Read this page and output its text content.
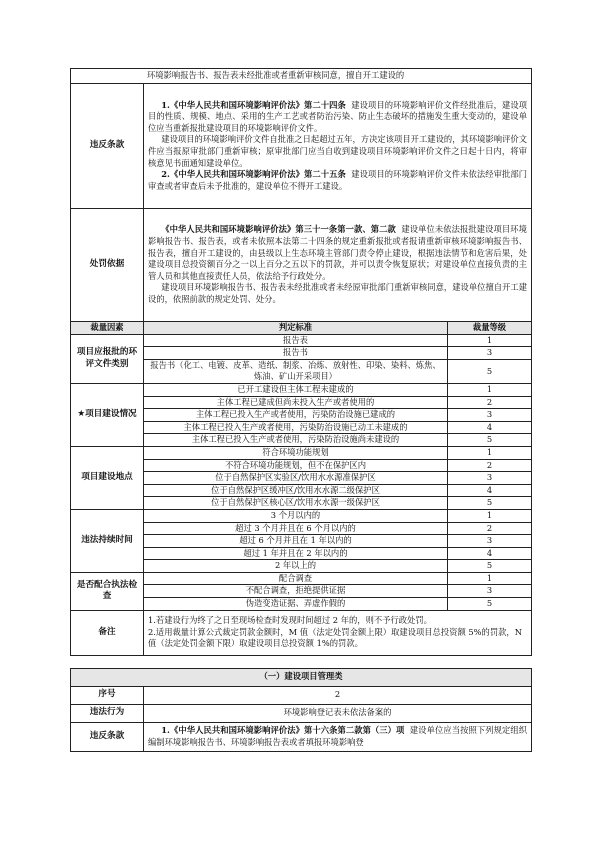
环境影响报告书、报告表未经批准或者重新审核同意，擅自开工建设的		
违反条款	1.《中华人民共和国环境影响评价法》第二十四条 建设项目的环境影响评价文件经批准后，建设项目的性质、规模、地点、采用的生产工艺或者防治污染、防止生态破坏的措施发生重大变动的，建设单位应当重新报批建设项目的环境影响评价文件。

建设项目的环境影响评价文件自批准之日起超过五年，方决定该项目开工建设的，其环境影响评价文件应当报原审批部门重新审核；原审批部门应当自收到建设项目环境影响评价文件之日起十日内，将审核意见书面通知建设单位。

2.《中华人民共和国环境影响评价法》第二十五条 建设项目的环境影响评价文件未依法经审批部门审查或者审查后未予批准的，建设单位不得开工建设。	

处罚依据	《中华人民共和国环境影响评价法》第三十一条第一款、第二款 建设单位未依法报批建设项目环境影响报告书、报告表，或者未依照本法第二十四条的规定重新报批或者报请重新审核环境影响报告书、报告表，擅自开工建设的，由县级以上生态环境主管部门责令停止建设，根据违法情节和危害后果，处建设项目总投资额百分之一以上百分之五以下的罚款，并可以责令恢复原状；对建设单位直接负责的主管人员和其他直接责任人员，依法给予行政处分。

建设项目环境影响报告书、报告表未经批准或者未经原审批部门重新审核同意，建设单位擅自开工建设的，依照前款的规定处罚、处分。	

裁量因素	判定标准	裁量等级
项目应报批的环评文件类别	报告表	1
	报告书	3
	报告书（化工、电镀、皮革、造纸、制浆、冶炼、放射性、印染、染料、炼焦、炼油、矿山开采项目）	5
★项目建设情况	已开工建设但主体工程未建成的	1
	主体工程已建成但尚未投入生产或者使用的	2
	主体工程已投入生产或者使用，污染防治设施已建成的	3
	主体工程已投入生产或者使用，污染防治设施已动工未建成的	4
	主体工程已投入生产或者使用，污染防治设施尚未建设的	5
项目建设地点	符合环境功能规划	1
	不符合环境功能规划，但不在保护区内	2
	位于自然保护区实验区/饮用水水源准保护区	3
	位于自然保护区缓冲区/饮用水水源二级保护区	4
	位于自然保护区核心区/饮用水水源一级保护区	5
违法持续时间	3 个月以内的	1
	超过 3 个月并且在 6 个月以内的	2
	超过 6 个月并且在 1 年以内的	3
	超过 1 年并且在 2 年以内的	4
	2 年以上的	5
是否配合执法检查	配合调查	1
	不配合调查，拒绝提供证据	3
	伪造变造证据、弄虚作假的	5
备注	1.若建设行为终了之日至现场检查时发现时间超过 2 年的，则不予行政处罚。
2.适用裁量计算公式裁定罚款金额时，M 值（法定处罚金额上限）取建设项目总投资额 5%的罚款，N 值（法定处罚金额下限）取建设项目总投资额 1%的罚款。	
（一）建设项目管理类	
序号	2
违法行为	环境影响登记表未依法备案的
违反条款	1.《中华人民共和国环境影响评价法》第十六条第二款第（三）项 建设单位应当按照下列规定组织编制环境影响报告书、环境影响报告表或者填报环境影响登
